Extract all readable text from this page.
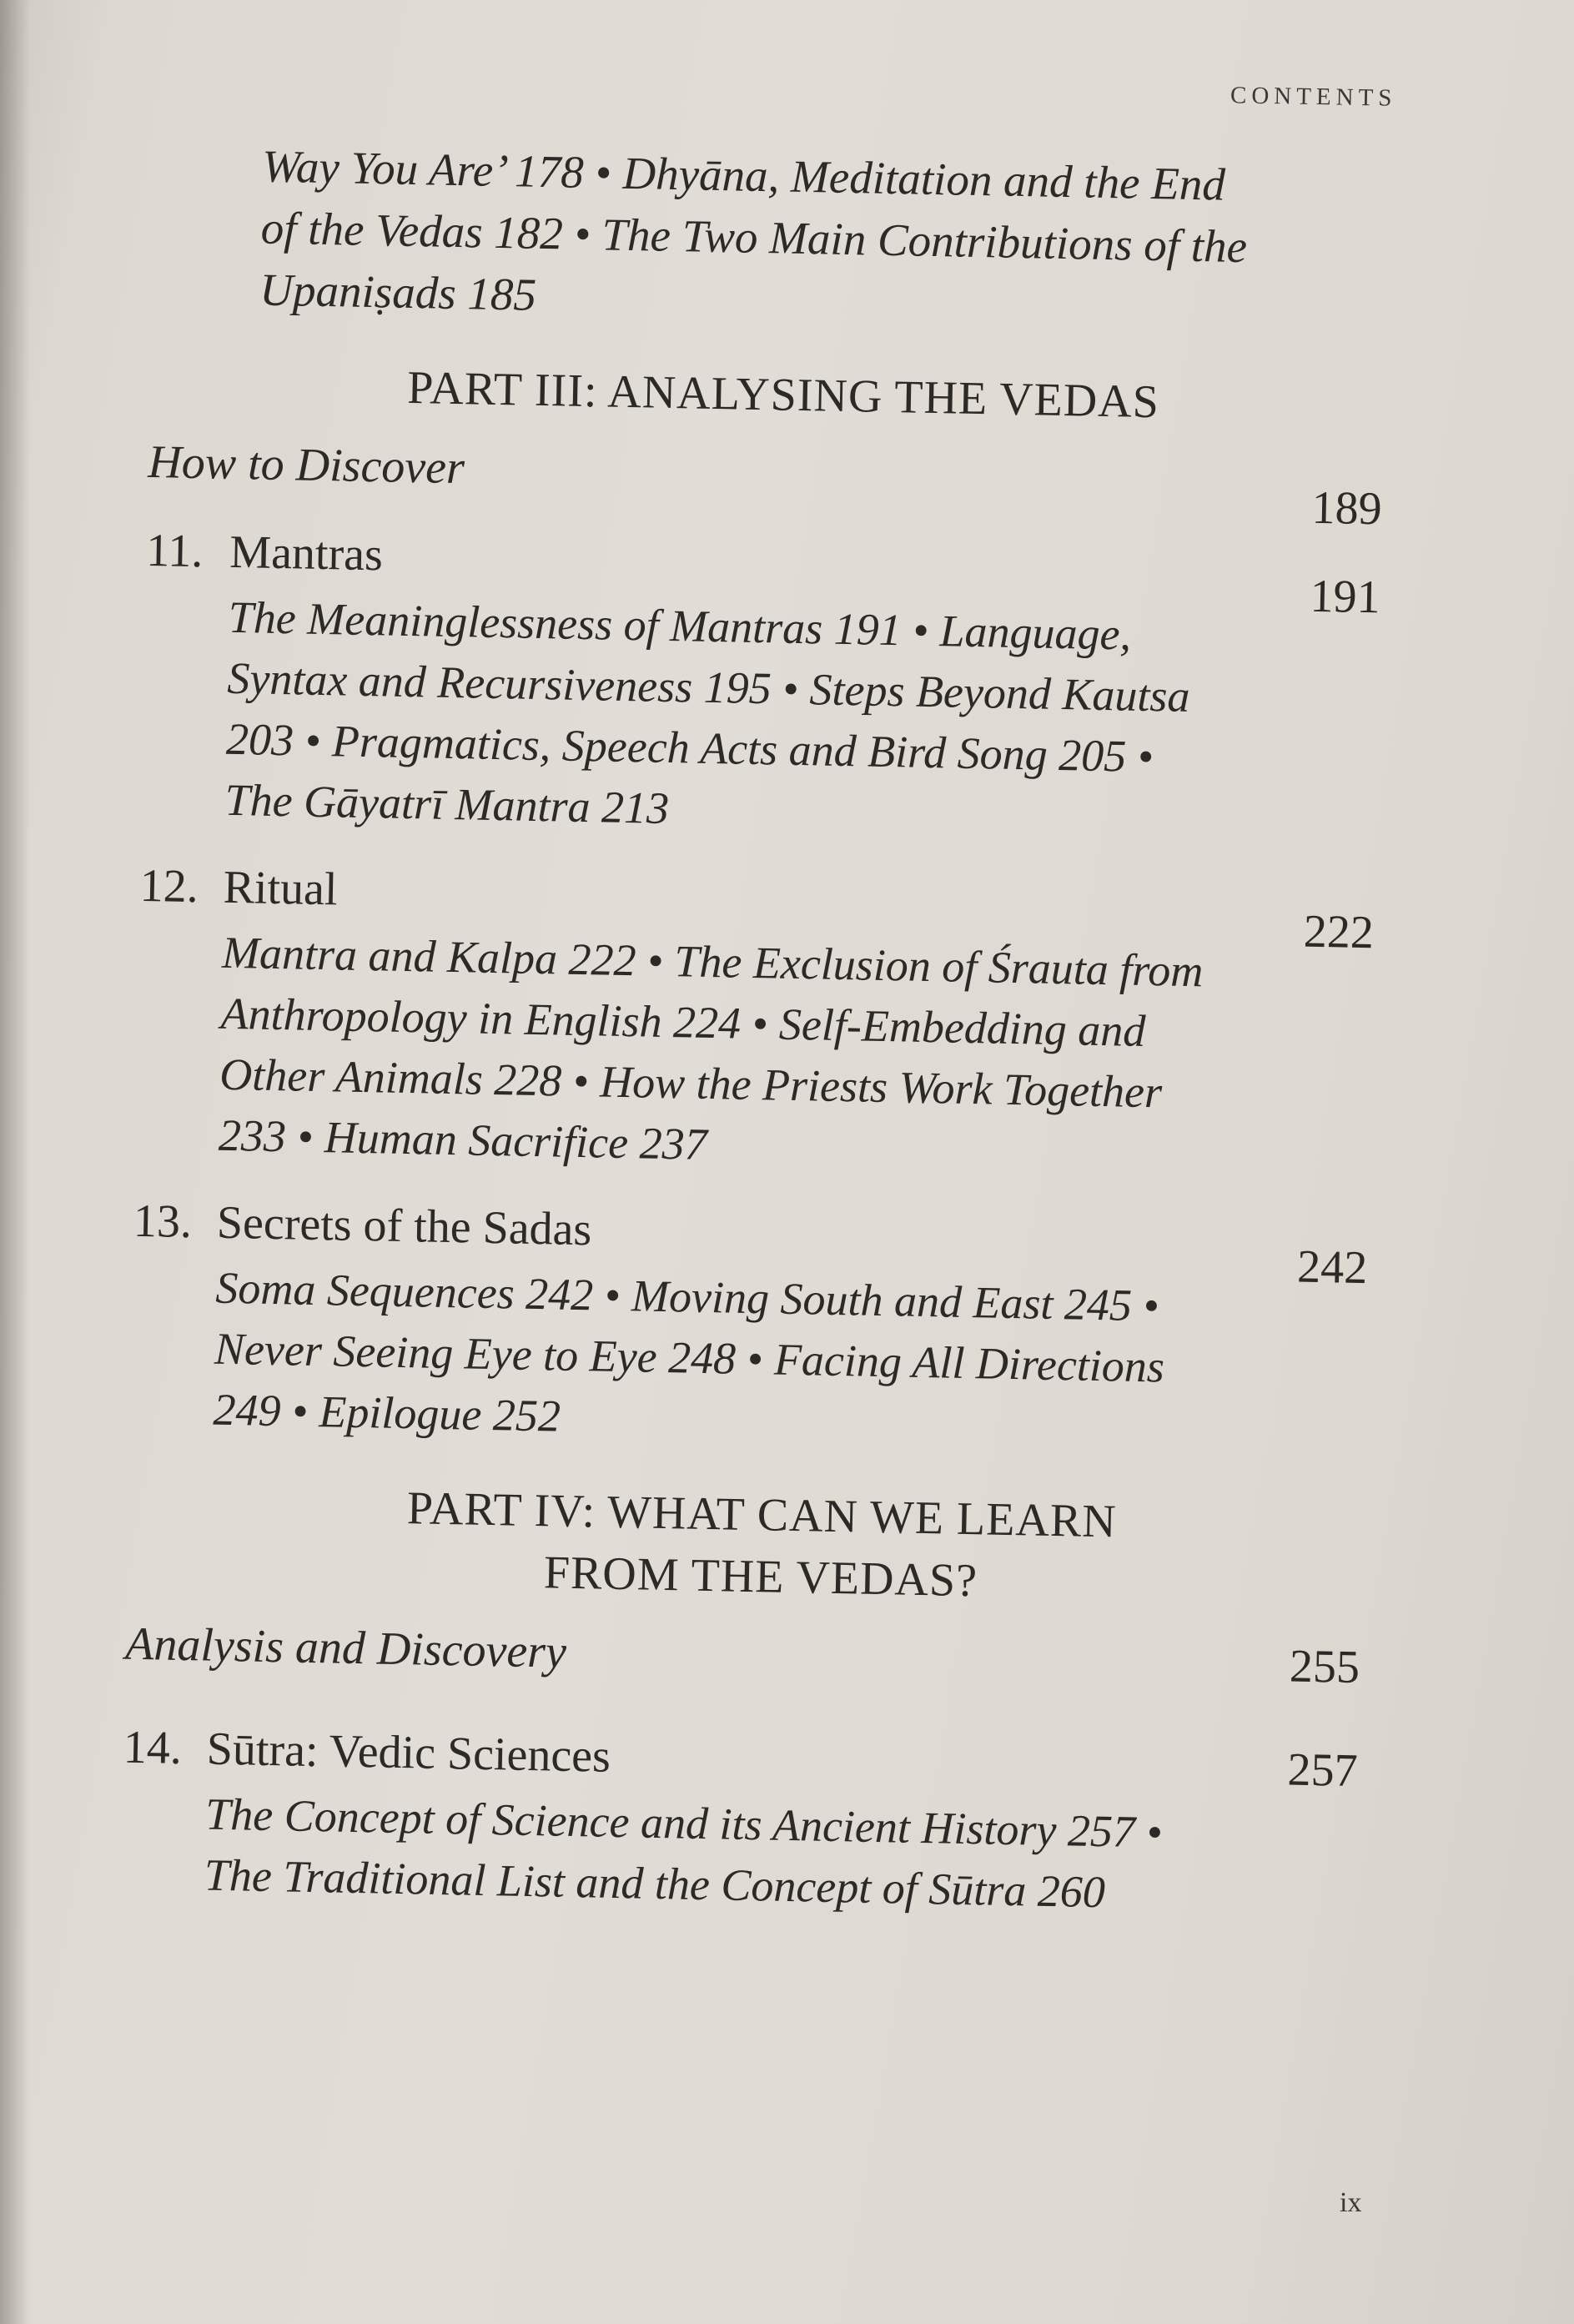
CONTENTS
Way You Are’ 178 • Dhyāna, Meditation and the End of the Vedas 182 • The Two Main Contributions of the Upaniṣads 185
PART III: ANALYSING THE VEDAS
How to Discover
189
11. Mantras
191
The Meaninglessness of Mantras 191 • Language, Syntax and Recursiveness 195 • Steps Beyond Kautsa 203 • Pragmatics, Speech Acts and Bird Song 205 • The Gāyatrī Mantra 213
12. Ritual
222
Mantra and Kalpa 222 • The Exclusion of Śrauta from Anthropology in English 224 • Self-Embedding and Other Animals 228 • How the Priests Work Together 233 • Human Sacrifice 237
13. Secrets of the Sadas
242
Soma Sequences 242 • Moving South and East 245 • Never Seeing Eye to Eye 248 • Facing All Directions 249 • Epilogue 252
PART IV: WHAT CAN WE LEARN
FROM THE VEDAS?
Analysis and Discovery	255
14. Sūtra: Vedic Sciences	257
The Concept of Science and its Ancient History 257 • The Traditional List and the Concept of Sūtra 260
ix
